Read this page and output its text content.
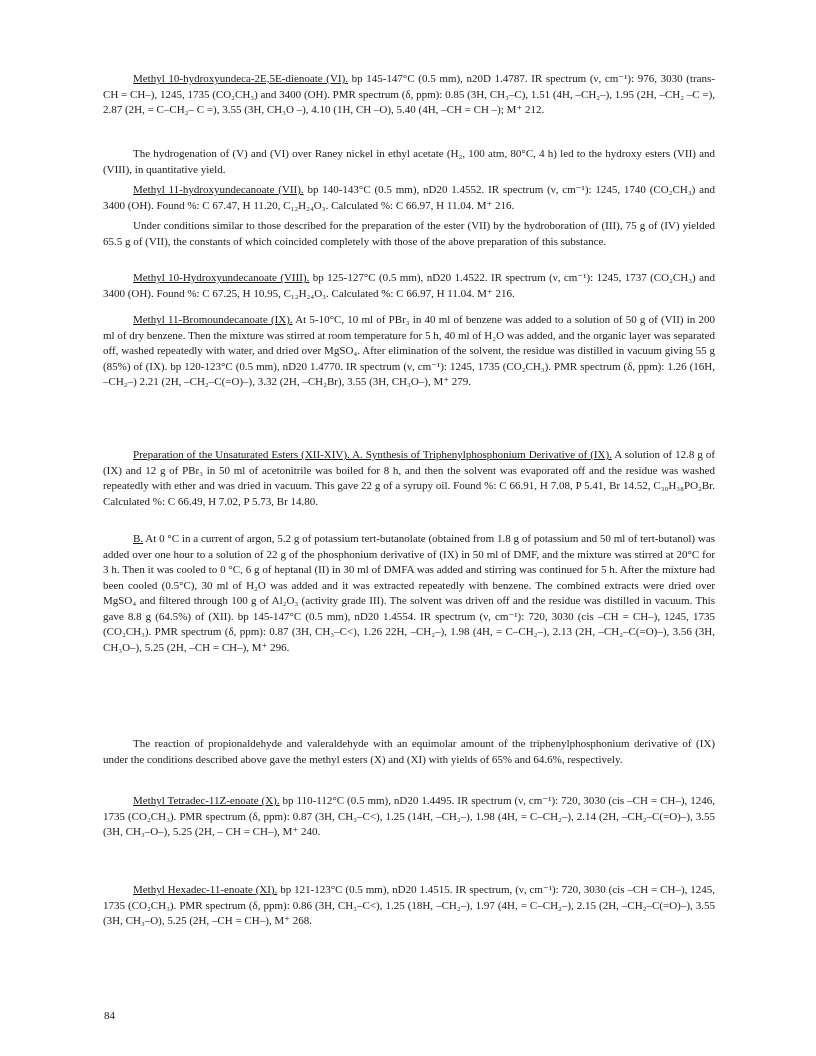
Methyl 10-hydroxyundeca-2E,5E-dienoate (VI). bp 145-147°C (0.5 mm), n20D 1.4787. IR spectrum (ν, cm⁻¹): 976, 3030 (trans-CH = CH–), 1245, 1735 (CO₂CH₃) and 3400 (OH). PMR spectrum (δ, ppm): 0.85 (3H, CH₃–C), 1.51 (4H, –CH₂–), 1.95 (2H, –CH₂ –C =), 2.87 (2H, = C–CH₂– C =), 3.55 (3H, CH₃O –), 4.10 (1H, CH –O), 5.40 (4H, –CH = CH –); M⁺ 212.

The hydrogenation of (V) and (VI) over Raney nickel in ethyl acetate (H₂, 100 atm, 80°C, 4 h) led to the hydroxy esters (VII) and (VIII), in quantitative yield.

Methyl 11-hydroxyundecanoate (VII). bp 140-143°C (0.5 mm), nD20 1.4552. IR spectrum (ν, cm⁻¹): 1245, 1740 (CO₂CH₃) and 3400 (OH). Found %: C 67.47, H 11.20, C₁₂H₂₄O₃. Calculated %: C 66.97, H 11.04. M⁺ 216.

Under conditions similar to those described for the preparation of the ester (VII) by the hydroboration of (III), 75 g of (IV) yielded 65.5 g of (VII), the constants of which coincided completely with those of the above preparation of this substance.

Methyl 10-Hydroxyundecanoate (VIII). bp 125-127°C (0.5 mm), nD20 1.4522. IR spectrum (ν, cm⁻¹): 1245, 1737 (CO₂CH₃) and 3400 (OH). Found %: C 67.25, H 10.95, C₁₂H₂₄O₃. Calculated %: C 66.97, H 11.04. M⁺ 216.

Methyl 11-Bromoundecanoate (IX). At 5-10°C, 10 ml of PBr₃ in 40 ml of benzene was added to a solution of 50 g of (VII) in 200 ml of dry benzene. Then the mixture was stirred at room temperature for 5 h, 40 ml of H₂O was added, and the organic layer was separated off, washed repeatedly with water, and dried over MgSO₄. After elimination of the solvent, the residue was distilled in vacuum giving 55 g (85%) of (IX). bp 120-123°C (0.5 mm), nD20 1.4770. IR spectrum (ν, cm⁻¹): 1245, 1735 (CO₂CH₃). PMR spectrum (δ, ppm): 1.26 (16H, –CH₂–) 2.21 (2H, –CH₂–C(=O)–), 3.32 (2H, –CH₂Br), 3.55 (3H, CH₃O–), M⁺ 279.

Preparation of the Unsaturated Esters (XII-XIV). A. Synthesis of Triphenylphosphonium Derivative of (IX). A solution of 12.8 g of (IX) and 12 g of PBr₃ in 50 ml of acetonitrile was boiled for 8 h, and then the solvent was evaporated off and the residue was washed repeatedly with ether and was dried in vacuum. This gave 22 g of a syrupy oil. Found %: C 66.91, H 7.08, P 5.41, Br 14.52, C₃₀H₃₈PO₂Br. Calculated %: C 66.49, H 7.02, P 5.73, Br 14.80.

B. At 0 °C in a current of argon, 5.2 g of potassium tert-butanolate (obtained from 1.8 g of potassium and 50 ml of tert-butanol) was added over one hour to a solution of 22 g of the phosphonium derivative of (IX) in 50 ml of DMF, and the mixture was stirred at 20°C for 3 h. Then it was cooled to 0 °C, 6 g of heptanal (II) in 30 ml of DMFA was added and stirring was continued for 5 h. After the mixture had been cooled (0.5°C), 30 ml of H₂O was added and it was extracted repeatedly with benzene. The combined extracts were dried over MgSO₄ and filtered through 100 g of Al₂O₃ (activity grade III). The solvent was driven off and the residue was distilled in vacuum. This gave 8.8 g (64.5%) of (XII). bp 145-147°C (0.5 mm), nD20 1.4554. IR spectrum (ν, cm⁻¹): 720, 3030 (cis –CH = CH–), 1245, 1735 (CO₂CH₃). PMR spectrum (δ, ppm): 0.87 (3H, CH₃–C<), 1.26 22H, –CH₂–), 1.98 (4H, = C–CH₂–), 2.13 (2H, –CH₂–C(=O)–), 3.56 (3H, CH₃O–), 5.25 (2H, –CH = CH–), M⁺ 296.

The reaction of propionaldehyde and valeraldehyde with an equimolar amount of the triphenylphosphonium derivative of (IX) under the conditions described above gave the methyl esters (X) and (XI) with yields of 65% and 64.6%, respectively.

Methyl Tetradec-11Z-enoate (X). bp 110-112°C (0.5 mm), nD20 1.4495. IR spectrum (ν, cm⁻¹): 720, 3030 (cis –CH = CH–), 1246, 1735 (CO₂CH₃). PMR spectrum (δ, ppm): 0.87 (3H, CH₃–C<), 1.25 (14H, –CH₂–), 1.98 (4H, = C–CH₂–), 2.14 (2H, –CH₂–C(=O)–), 3.55 (3H, CH₃–O–), 5.25 (2H, – CH = CH–), M⁺ 240.

Methyl Hexadec-11-enoate (XI). bp 121-123°C (0.5 mm), nD20 1.4515. IR spectrum, (ν, cm⁻¹): 720, 3030 (cis –CH = CH–), 1245, 1735 (CO₂CH₃). PMR spectrum (δ, ppm): 0.86 (3H, CH₃–C<), 1.25 (18H, –CH₂–), 1.97 (4H, = C–CH₂–), 2.15 (2H, –CH₂–C(=O)–), 3.55 (3H, CH₃–O), 5.25 (2H, –CH = CH–), M⁺ 268.

84
